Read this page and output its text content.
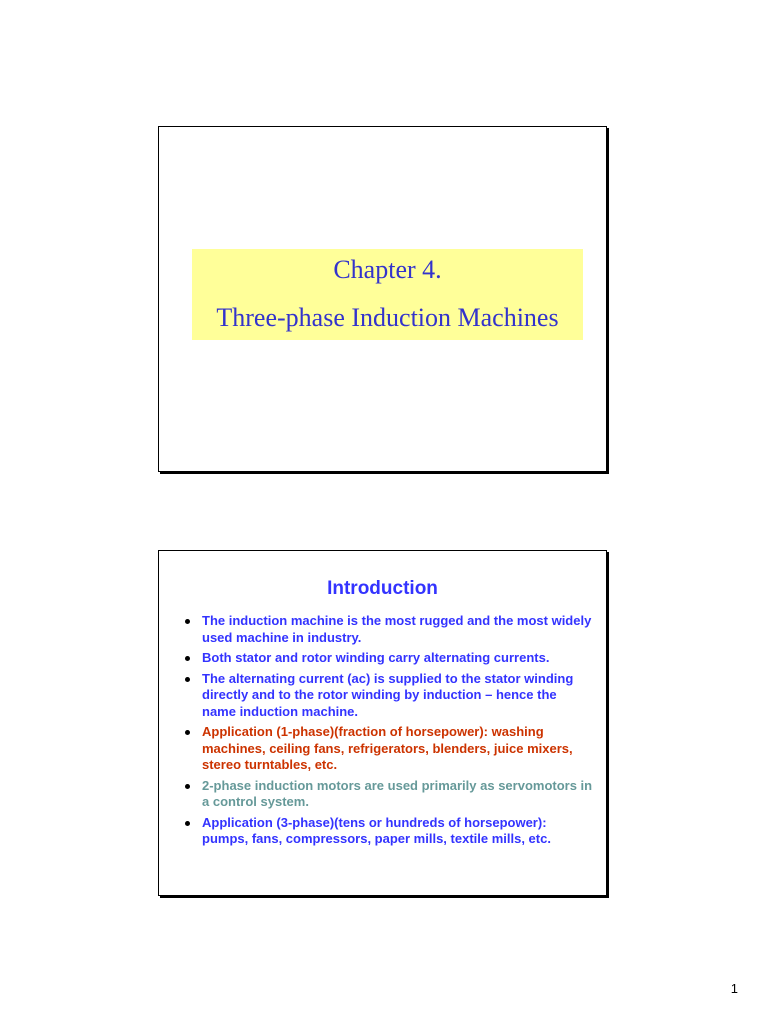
Chapter 4.
Three-phase Induction Machines
Introduction
The induction machine is the most rugged and the most widely used machine in industry.
Both stator and rotor winding carry alternating currents.
The alternating current (ac) is supplied to the stator winding directly and to the rotor winding by induction – hence the name induction machine.
Application (1-phase)(fraction of horsepower): washing machines, ceiling fans, refrigerators, blenders, juice mixers, stereo turntables, etc.
2-phase induction motors are used primarily as servomotors in a control system.
Application (3-phase)(tens or hundreds of horsepower): pumps, fans, compressors, paper mills, textile mills, etc.
1
